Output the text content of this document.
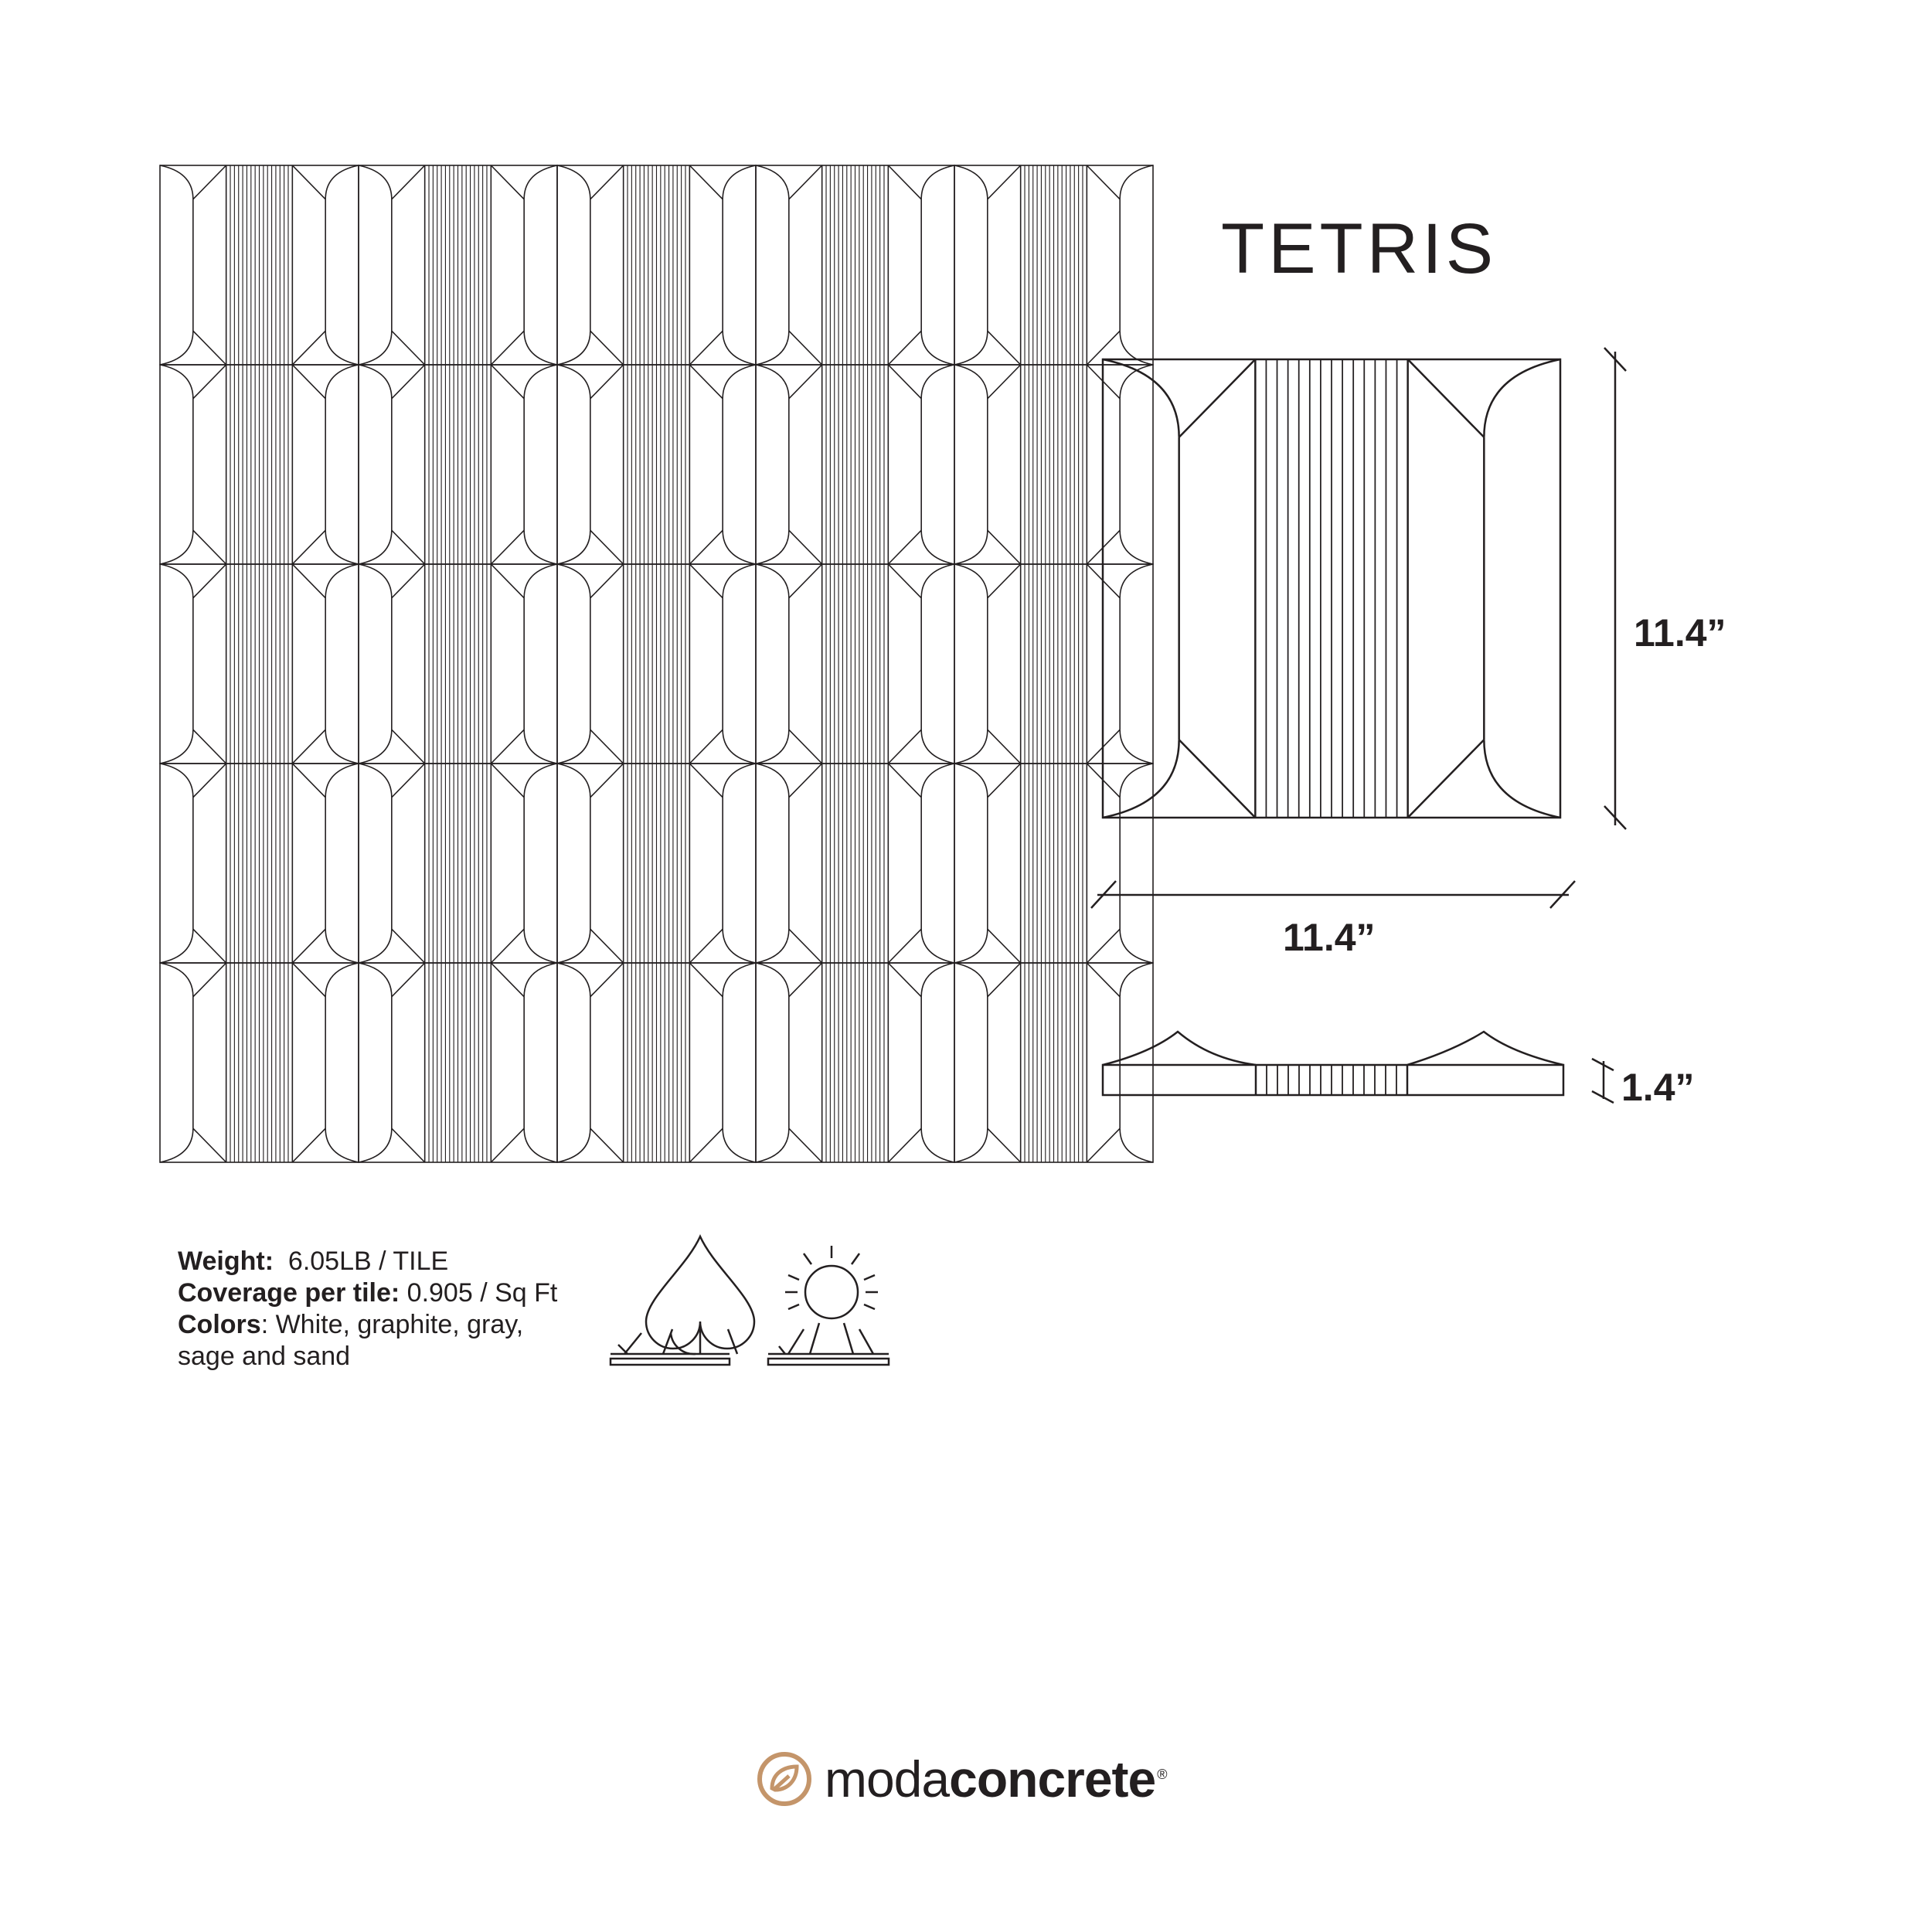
TETRIS
11.4”
11.4”
1.4”
Weight: 6.05LB / TILE
Coverage per tile: 0.905 / Sq Ft
Colors: White, graphite, gray,
sage and sand
modaconcrete ®
